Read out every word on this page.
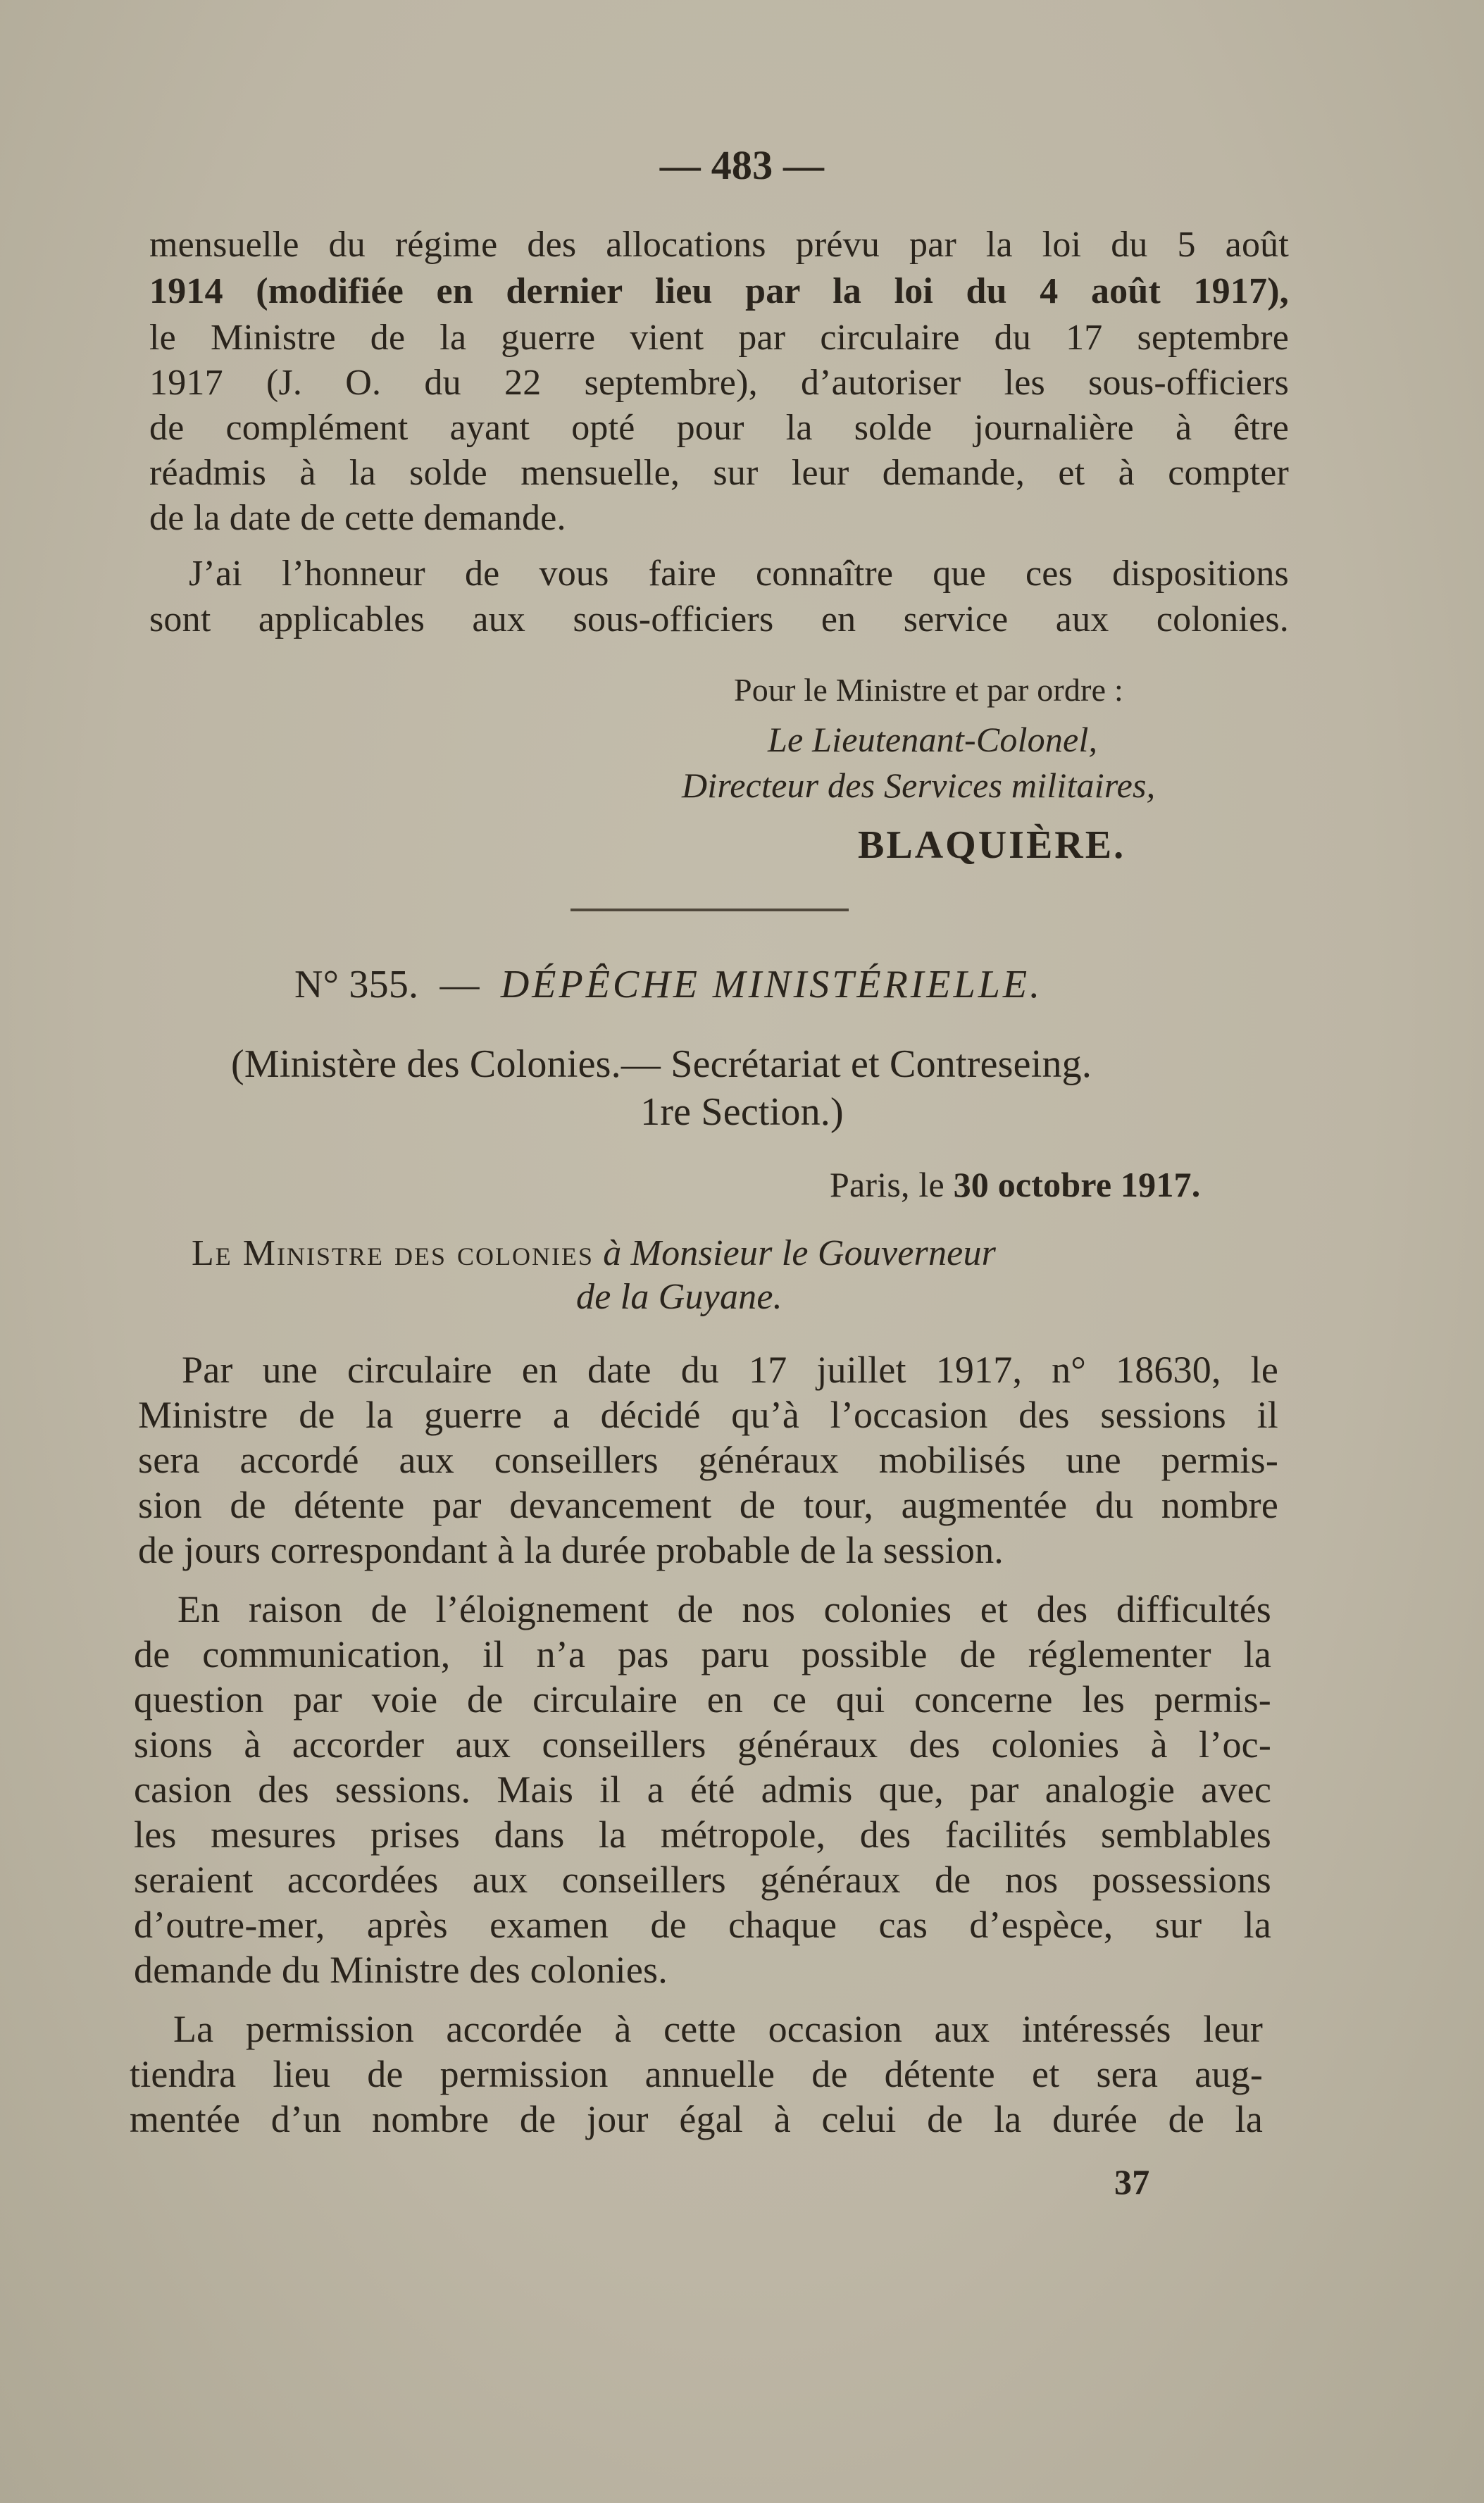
— 483 —
mensuelle du régime des allocations prévu par la loi du 5 août
1914 (modifiée en dernier lieu par la loi du 4 août 1917),
le Ministre de la guerre vient par circulaire du 17 septembre
1917 (J. O. du 22 septembre), d’autoriser les sous-officiers
de complément ayant opté pour la solde journalière à être
réadmis à la solde mensuelle, sur leur demande, et à compter
de la date de cette demande.
J’ai l’honneur de vous faire connaître que ces dispositions
sont applicables aux sous-officiers en service aux colonies.
Pour le Ministre et par ordre :
Le Lieutenant-Colonel,
Directeur des Services militaires,
BLAQUIÈRE.
N° 355. — DÉPÊCHE MINISTÉRIELLE.
(Ministère des Colonies.— Secrétariat et Contreseing.
1re Section.)
Paris, le 30 octobre 1917.
Le Ministre des colonies à Monsieur le Gouverneur
de la Guyane.
Par une circulaire en date du 17 juillet 1917, n° 18630, le
Ministre de la guerre a décidé qu’à l’occasion des sessions il
sera accordé aux conseillers généraux mobilisés une permis-
sion de détente par devancement de tour, augmentée du nombre
de jours correspondant à la durée probable de la session.
En raison de l’éloignement de nos colonies et des difficultés
de communication, il n’a pas paru possible de réglementer la
question par voie de circulaire en ce qui concerne les permis-
sions à accorder aux conseillers généraux des colonies à l’oc-
casion des sessions. Mais il a été admis que, par analogie avec
les mesures prises dans la métropole, des facilités semblables
seraient accordées aux conseillers généraux de nos possessions
d’outre-mer, après examen de chaque cas d’espèce, sur la
demande du Ministre des colonies.
La permission accordée à cette occasion aux intéressés leur
tiendra lieu de permission annuelle de détente et sera aug-
mentée d’un nombre de jour égal à celui de la durée de la
37
